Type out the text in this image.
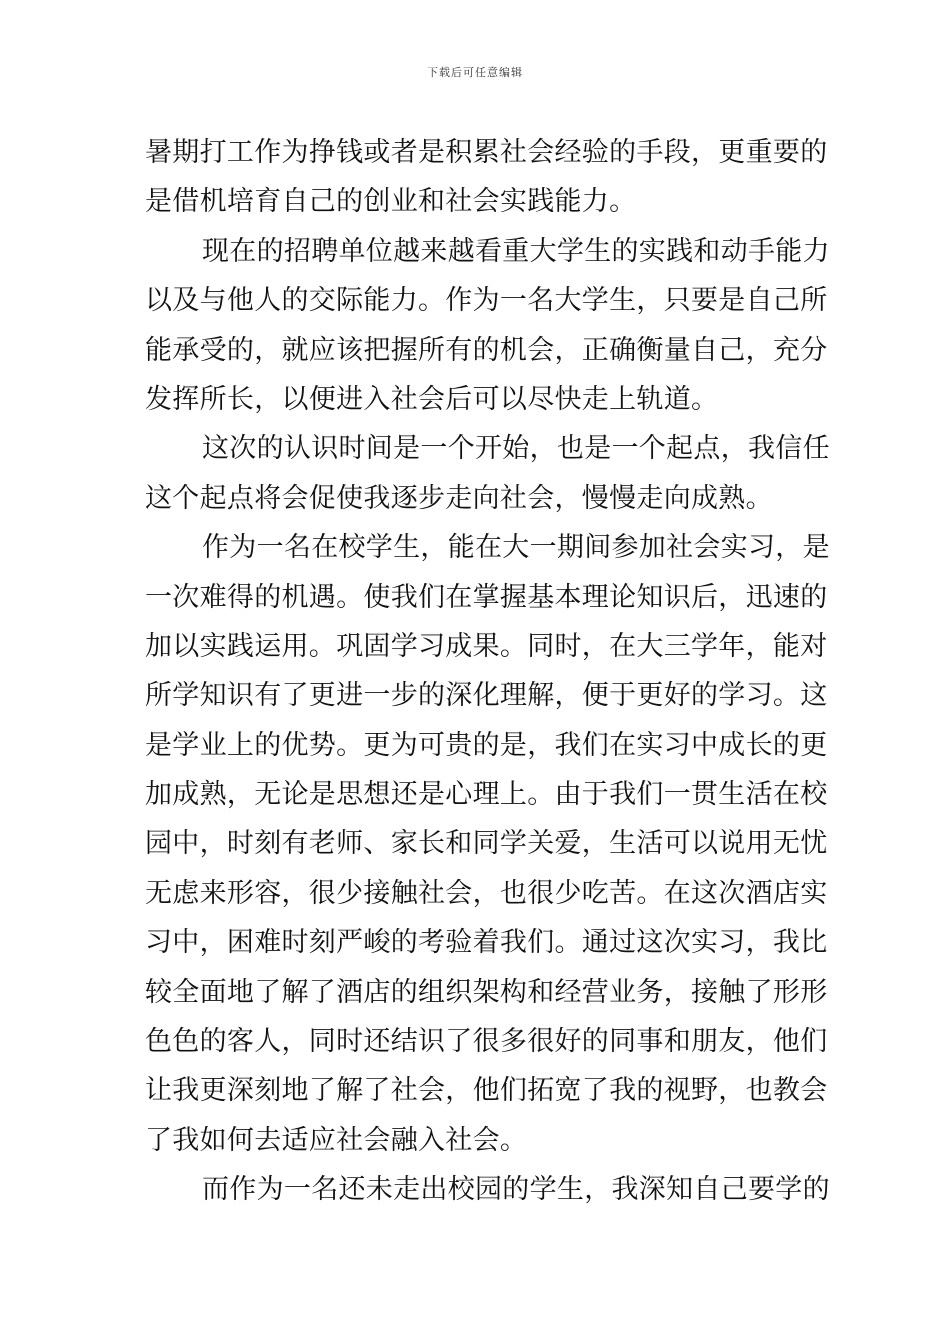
下载后可任意编辑
暑期打工作为挣钱或者是积累社会经验的手段，更重要的
是借机培育自己的创业和社会实践能力。
现在的招聘单位越来越看重大学生的实践和动手能力
以及与他人的交际能力。作为一名大学生，只要是自己所
能承受的，就应该把握所有的机会，正确衡量自己，充分
发挥所长，以便进入社会后可以尽快走上轨道。
这次的认识时间是一个开始，也是一个起点，我信任
这个起点将会促使我逐步走向社会，慢慢走向成熟。
作为一名在校学生，能在大一期间参加社会实习，是
一次难得的机遇。使我们在掌握基本理论知识后，迅速的
加以实践运用。巩固学习成果。同时，在大三学年，能对
所学知识有了更进一步的深化理解，便于更好的学习。这
是学业上的优势。更为可贵的是，我们在实习中成长的更
加成熟，无论是思想还是心理上。由于我们一贯生活在校
园中，时刻有老师、家长和同学关爱，生活可以说用无忧
无虑来形容，很少接触社会，也很少吃苦。在这次酒店实
习中，困难时刻严峻的考验着我们。通过这次实习，我比
较全面地了解了酒店的组织架构和经营业务，接触了形形
色色的客人，同时还结识了很多很好的同事和朋友，他们
让我更深刻地了解了社会，他们拓宽了我的视野，也教会
了我如何去适应社会融入社会。
而作为一名还未走出校园的学生，我深知自己要学的
